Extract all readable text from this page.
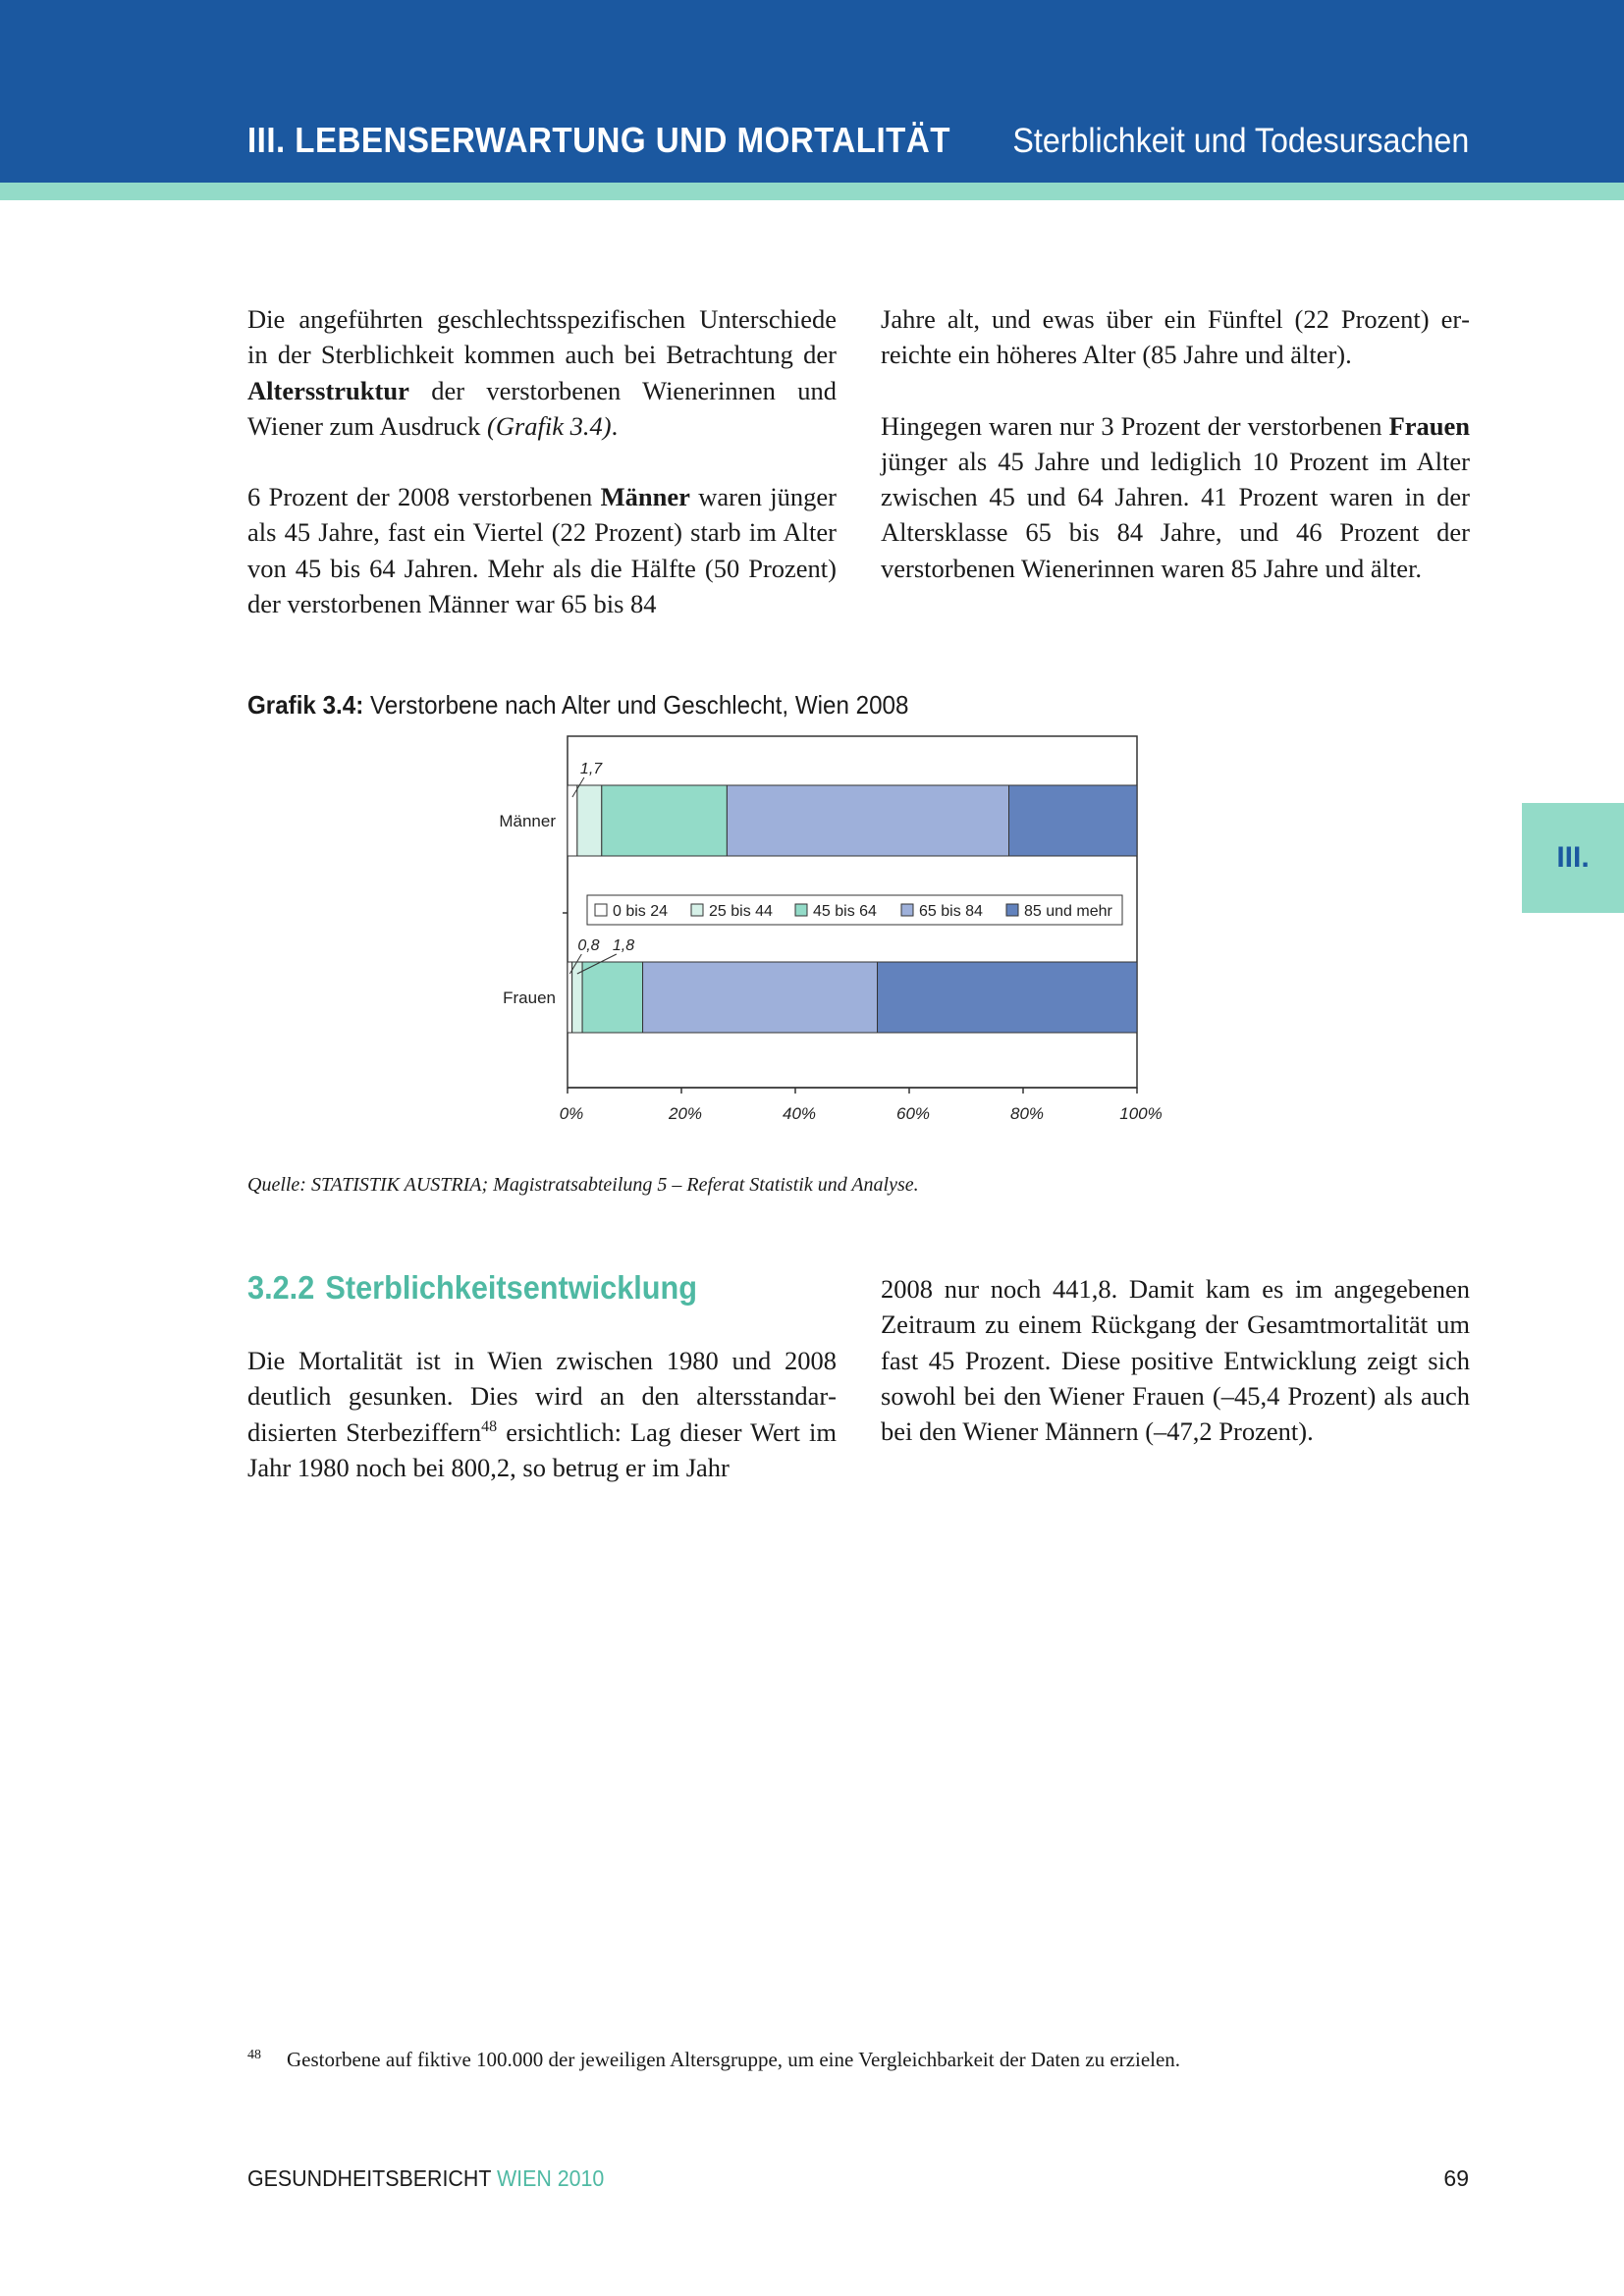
III. LEBENSERWARTUNG UND MORTALITÄT Sterblichkeit und Todesursachen
III.

Die angeführten geschlechtsspezifischen Unterschiede in der Sterblichkeit kommen auch bei Betrachtung der Altersstruktur der verstorbenen Wienerinnen und Wiener zum Ausdruck (Grafik 3.4).

6 Prozent der 2008 verstorbenen Männer waren jünger als 45 Jahre, fast ein Viertel (22 Prozent) starb im Alter von 45 bis 64 Jahren. Mehr als die Hälfte (50 Prozent) der verstorbenen Männer war 65 bis 84

Jahre alt, und ewas über ein Fünftel (22 Prozent) erreichte ein höheres Alter (85 Jahre und älter).

Hingegen waren nur 3 Prozent der verstorbenen Frauen jünger als 45 Jahre und lediglich 10 Prozent im Alter zwischen 45 und 64 Jahren. 41 Prozent waren in der Altersklasse 65 bis 84 Jahre, und 46 Prozent der verstorbenen Wienerinnen waren 85 Jahre und älter.

Grafik 3.4: Verstorbene nach Alter und Geschlecht, Wien 2008
Männer
Frauen
0%	20%	40%	60%	80%	100%
1,7
0,8 1,8
0 bis 24	25 bis 44	45 bis 64	65 bis 84	85 und mehr
Quelle: STATISTIK AUSTRIA; Magistratsabteilung 5 – Referat Statistik und Analyse.
3.2.2 Sterblichkeitsentwicklung

Die Mortalität ist in Wien zwischen 1980 und 2008 deutlich gesunken. Dies wird an den altersstandardisierten Sterbeziffern$^{48}$ ersichtlich: Lag dieser Wert im Jahr 1980 noch bei 800,2, so betrug er im Jahr

2008 nur noch 441,8. Damit kam es im angegebenen Zeitraum zu einem Rückgang der Gesamtmortalität um fast 45 Prozent. Diese positive Entwicklung zeigt sich sowohl bei den Wiener Frauen (–45,4 Prozent) als auch bei den Wiener Männern (–47,2 Prozent).

$^{48}$ Gestorbene auf fiktive 100.000 der jeweiligen Altersgruppe, um eine Vergleichbarkeit der Daten zu erzielen.
GESUNDHEITSBERICHT WIEN 2010	69
